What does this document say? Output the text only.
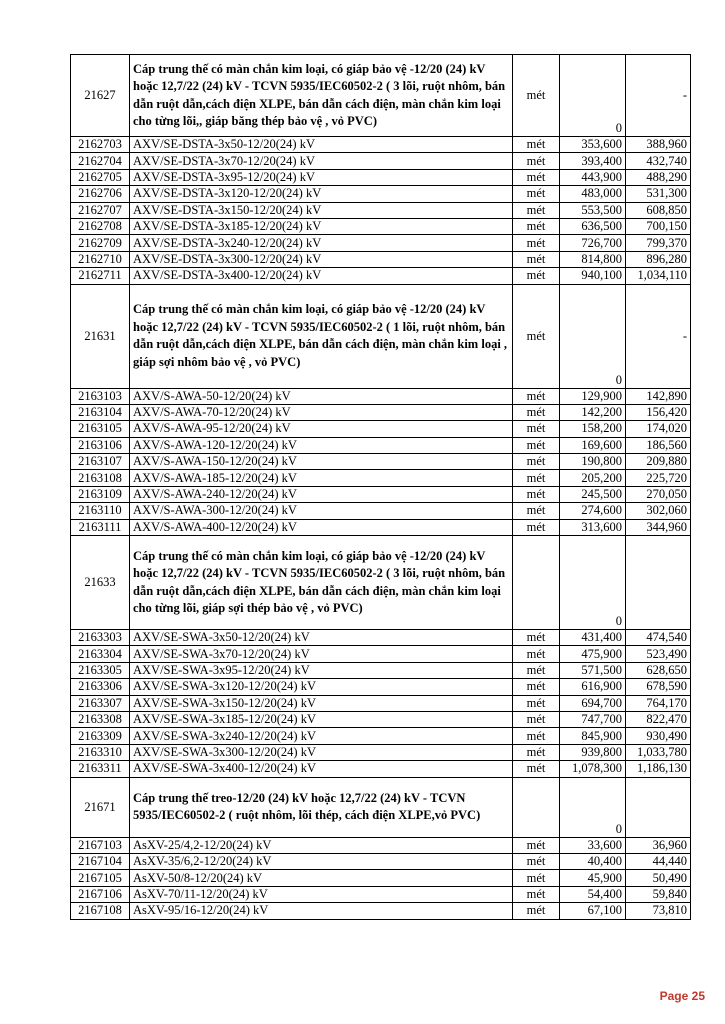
21627	Cáp trung thế có màn chắn kim loại, có giáp bảo vệ -12/20 (24) kV hoặc 12,7/22 (24) kV - TCVN 5935/IEC60502-2 ( 3 lõi, ruột nhôm, bán dẫn ruột dẫn,cách điện XLPE, bán dẫn cách điện, màn chắn kim loại cho từng lõi,, giáp băng thép bảo vệ , vỏ PVC)	mét	0	-
2162703	AXV/SE-DSTA-3x50-12/20(24) kV	mét	353,600	388,960
2162704	AXV/SE-DSTA-3x70-12/20(24) kV	mét	393,400	432,740
2162705	AXV/SE-DSTA-3x95-12/20(24) kV	mét	443,900	488,290
2162706	AXV/SE-DSTA-3x120-12/20(24) kV	mét	483,000	531,300
2162707	AXV/SE-DSTA-3x150-12/20(24) kV	mét	553,500	608,850
2162708	AXV/SE-DSTA-3x185-12/20(24) kV	mét	636,500	700,150
2162709	AXV/SE-DSTA-3x240-12/20(24) kV	mét	726,700	799,370
2162710	AXV/SE-DSTA-3x300-12/20(24) kV	mét	814,800	896,280
2162711	AXV/SE-DSTA-3x400-12/20(24) kV	mét	940,100	1,034,110
21631	Cáp trung thế có màn chắn kim loại, có giáp bảo vệ -12/20 (24) kV hoặc 12,7/22 (24) kV - TCVN 5935/IEC60502-2 ( 1 lõi, ruột nhôm, bán dẫn ruột dẫn,cách điện XLPE, bán dẫn cách điện, màn chắn kim loại , giáp sợi nhôm bảo vệ , vỏ PVC)	mét	0	-
2163103	AXV/S-AWA-50-12/20(24) kV	mét	129,900	142,890
2163104	AXV/S-AWA-70-12/20(24) kV	mét	142,200	156,420
2163105	AXV/S-AWA-95-12/20(24) kV	mét	158,200	174,020
2163106	AXV/S-AWA-120-12/20(24) kV	mét	169,600	186,560
2163107	AXV/S-AWA-150-12/20(24) kV	mét	190,800	209,880
2163108	AXV/S-AWA-185-12/20(24) kV	mét	205,200	225,720
2163109	AXV/S-AWA-240-12/20(24) kV	mét	245,500	270,050
2163110	AXV/S-AWA-300-12/20(24) kV	mét	274,600	302,060
2163111	AXV/S-AWA-400-12/20(24) kV	mét	313,600	344,960
21633	Cáp trung thế có màn chắn kim loại, có giáp bảo vệ -12/20 (24) kV hoặc 12,7/22 (24) kV - TCVN 5935/IEC60502-2 ( 3 lõi, ruột nhôm, bán dẫn ruột dẫn,cách điện XLPE, bán dẫn cách điện, màn chắn kim loại cho từng lõi, giáp sợi thép bảo vệ , vỏ PVC)		0	
2163303	AXV/SE-SWA-3x50-12/20(24) kV	mét	431,400	474,540
2163304	AXV/SE-SWA-3x70-12/20(24) kV	mét	475,900	523,490
2163305	AXV/SE-SWA-3x95-12/20(24) kV	mét	571,500	628,650
2163306	AXV/SE-SWA-3x120-12/20(24) kV	mét	616,900	678,590
2163307	AXV/SE-SWA-3x150-12/20(24) kV	mét	694,700	764,170
2163308	AXV/SE-SWA-3x185-12/20(24) kV	mét	747,700	822,470
2163309	AXV/SE-SWA-3x240-12/20(24) kV	mét	845,900	930,490
2163310	AXV/SE-SWA-3x300-12/20(24) kV	mét	939,800	1,033,780
2163311	AXV/SE-SWA-3x400-12/20(24) kV	mét	1,078,300	1,186,130
21671	Cáp trung thế treo-12/20 (24) kV hoặc 12,7/22 (24) kV - TCVN 5935/IEC60502-2 ( ruột nhôm, lõi thép, cách điện XLPE,vỏ PVC)		0	
2167103	AsXV-25/4,2-12/20(24) kV	mét	33,600	36,960
2167104	AsXV-35/6,2-12/20(24) kV	mét	40,400	44,440
2167105	AsXV-50/8-12/20(24) kV	mét	45,900	50,490
2167106	AsXV-70/11-12/20(24) kV	mét	54,400	59,840
2167108	AsXV-95/16-12/20(24) kV	mét	67,100	73,810
Page 25
